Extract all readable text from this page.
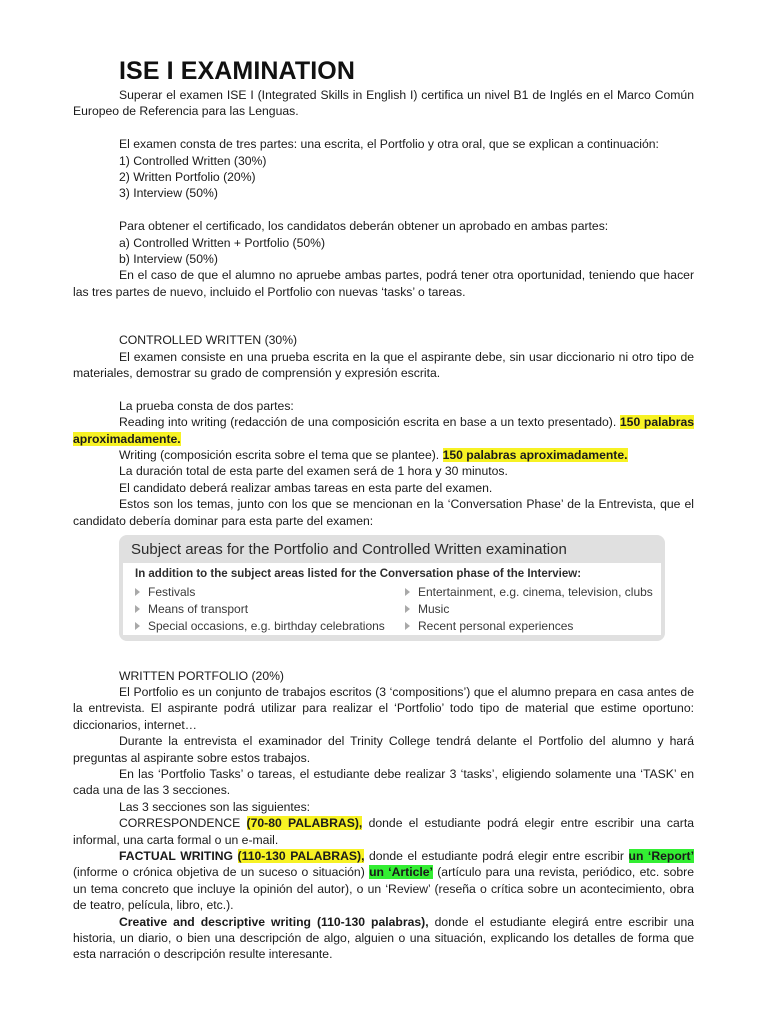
ISE I EXAMINATION

Superar el examen ISE I (Integrated Skills in English I) certifica un nivel B1 de Inglés en el Marco Común Europeo de Referencia para las Lenguas.

El examen consta de tres partes: una escrita, el Portfolio y otra oral, que se explican a continuación:

1) Controlled Written (30%)
2) Written Portfolio (20%)
3) Interview (50%)

Para obtener el certificado, los candidatos deberán obtener un aprobado en ambas partes:

a) Controlled Written + Portfolio (50%)
b) Interview (50%)

En el caso de que el alumno no apruebe ambas partes, podrá tener otra oportunidad, teniendo que hacer las tres partes de nuevo, incluido el Portfolio con nuevas ‘tasks’ o tareas.

CONTROLLED WRITTEN (30%)

El examen consiste en una prueba escrita en la que el aspirante debe, sin usar diccionario ni otro tipo de materiales, demostrar su grado de comprensión y expresión escrita.

La prueba consta de dos partes:

Reading into writing (redacción de una composición escrita en base a un texto presentado). 150 palabras aproximadamente.

Writing (composición escrita sobre el tema que se plantee). 150 palabras aproximadamente.

La duración total de esta parte del examen será de 1 hora y 30 minutos.
El candidato deberá realizar ambas tareas en esta parte del examen.

Estos son los temas, junto con los que se mencionan en la ‘Conversation Phase’ de la Entrevista, que el candidato debería dominar para esta parte del examen:

Subject areas for the Portfolio and Controlled Written examination
In addition to the subject areas listed for the Conversation phase of the Interview:
Festivals
Means of transport
Special occasions, e.g. birthday celebrations
Entertainment, e.g. cinema, television, clubs
Music
Recent personal experiences
WRITTEN PORTFOLIO (20%)

El Portfolio es un conjunto de trabajos escritos (3 ‘compositions’) que el alumno prepara en casa antes de la entrevista. El aspirante podrá utilizar para realizar el ‘Portfolio’ todo tipo de material que estime oportuno: diccionarios, internet…

Durante la entrevista el examinador del Trinity College tendrá delante el Portfolio del alumno y hará preguntas al aspirante sobre estos trabajos.

En las ‘Portfolio Tasks’ o tareas, el estudiante debe realizar 3 ‘tasks’, eligiendo solamente una ‘TASK’ en cada una de las 3 secciones.

Las 3 secciones son las siguientes:

CORRESPONDENCE (70-80 PALABRAS), donde el estudiante podrá elegir entre escribir una carta informal, una carta formal o un e-mail.

FACTUAL WRITING (110-130 PALABRAS), donde el estudiante podrá elegir entre escribir un ‘Report’ (informe o crónica objetiva de un suceso o situación) un ‘Article’ (artículo para una revista, periódico, etc. sobre un tema concreto que incluye la opinión del autor), o un ‘Review’ (reseña o crítica sobre un acontecimiento, obra de teatro, película, libro, etc.).

Creative and descriptive writing (110-130 palabras), donde el estudiante elegirá entre escribir una historia, un diario, o bien una descripción de algo, alguien o una situación, explicando los detalles de forma que esta narración o descripción resulte interesante.
